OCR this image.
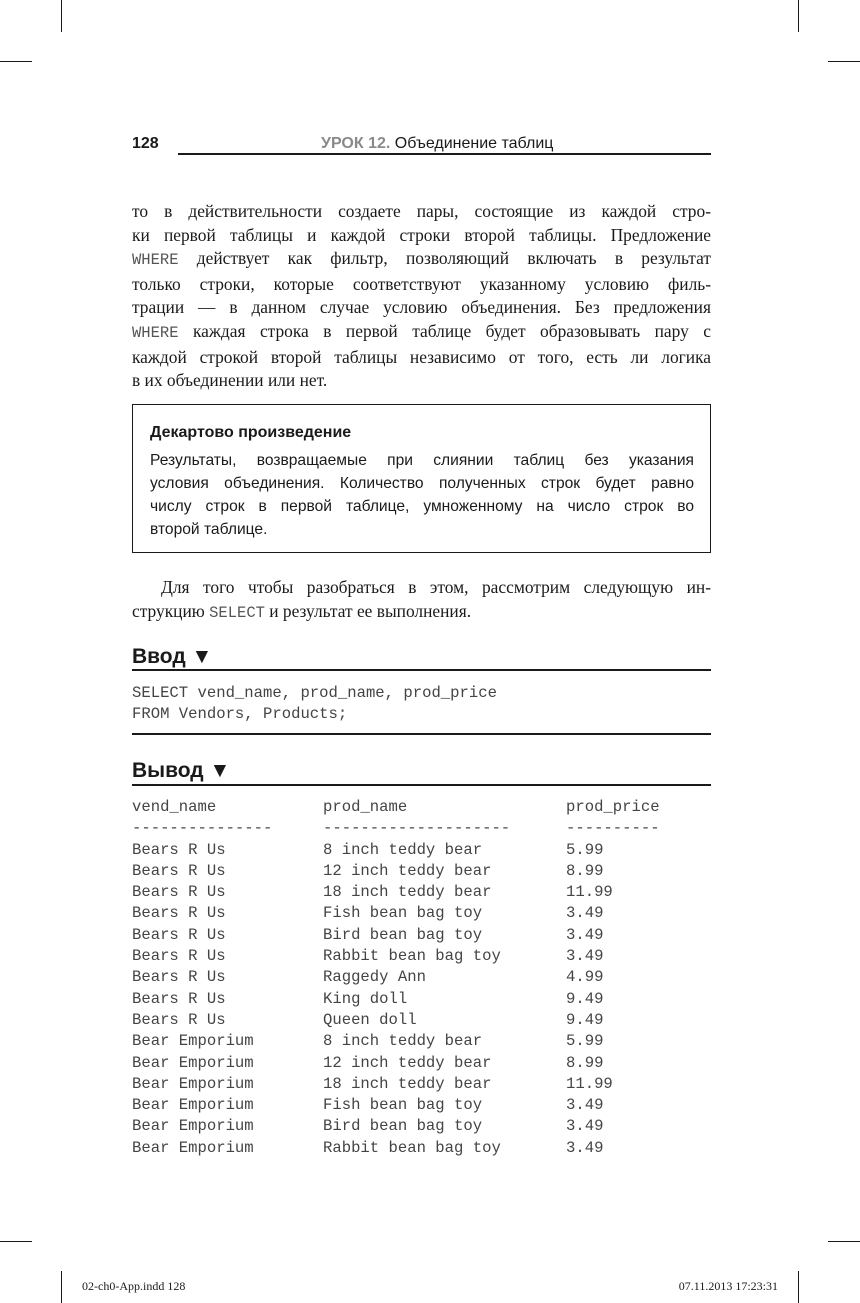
128	УРОК 12. Объединение таблиц
то в действительности создаете пары, состоящие из каждой стро-
ки первой таблицы и каждой строки второй таблицы. Предложение
WHERE действует как фильтр, позволяющий включать в результат
только строки, которые соответствуют указанному условию филь-
трации — в данном случае условию объединения. Без предложения
WHERE каждая строка в первой таблице будет образовывать пару с
каждой строкой второй таблицы независимо от того, есть ли логика
в их объединении или нет.
Декартово произведение
Результаты, возвращаемые при слиянии таблиц без указания
условия объединения. Количество полученных строк будет равно
числу строк в первой таблице, умноженному на число строк во
второй таблице.
Для того чтобы разобраться в этом, рассмотрим следующую ин-
струкцию SELECT и результат ее выполнения.
Ввод ▼
SELECT vend_name, prod_name, prod_price
FROM Vendors, Products;
Вывод ▼
vend_name	prod_name	prod_price
---------------	--------------------	----------
Bears R Us	8 inch teddy bear	5.99
Bears R Us	12 inch teddy bear	8.99
Bears R Us	18 inch teddy bear	11.99
Bears R Us	Fish bean bag toy	3.49
Bears R Us	Bird bean bag toy	3.49
Bears R Us	Rabbit bean bag toy	3.49
Bears R Us	Raggedy Ann	4.99
Bears R Us	King doll	9.49
Bears R Us	Queen doll	9.49
Bear Emporium	8 inch teddy bear	5.99
Bear Emporium	12 inch teddy bear	8.99
Bear Emporium	18 inch teddy bear	11.99
Bear Emporium	Fish bean bag toy	3.49
Bear Emporium	Bird bean bag toy	3.49
Bear Emporium	Rabbit bean bag toy	3.49
02-ch0-App.indd 128	07.11.2013 17:23:31
